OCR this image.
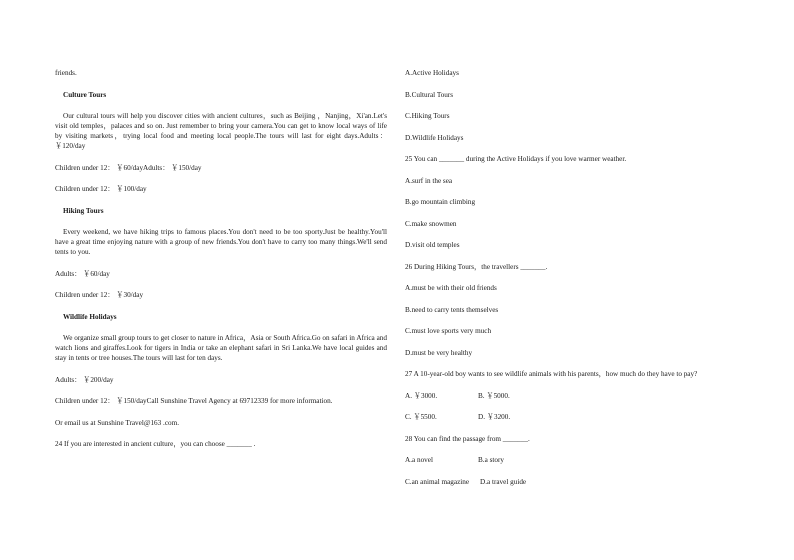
friends.
Culture Tours
Our cultural tours will help you discover cities with ancient cultures，such as Beijing ，Nanjing，Xi'an.Let's visit old temples，palaces and so on. Just remember to bring your camera.You can get to know local ways of life by visiting markets，trying local food and meeting local people.The tours will last for eight days.Adults： ￥120/day
Children under 12： ￥60/dayAdults： ￥150/day
Children under 12： ￥100/day
Hiking Tours
Every weekend, we have hiking trips to famous places.You don't need to be too sporty.Just be healthy.You'll have a great time enjoying nature with a group of new friends.You don't have to carry too many things.We'll send tents to you.
Adults： ￥60/day
Children under 12： ￥30/day
Wildlife Holidays
We organize small group tours to get closer to nature in Africa，Asia or South Africa.Go on safari in Africa and watch lions and giraffes.Look for tigers in India or take an elephant safari in Sri Lanka.We have local guides and stay in tents or tree houses.The tours will last for ten days.
Adults： ￥200/day
Children under 12： ￥150/dayCall Sunshine Travel Agency at 69712339 for more information.
Or email us at Sunshine Travel@163 .com.
24 If you are interested in ancient culture，you can choose _______ .
A.Active Holidays
B.Cultural Tours
C.Hiking Tours
D.Wildlife Holidays
25 You can _______ during the Active Holidays if you love warmer weather.
A.surf in the sea
B.go mountain climbing
C.make snowmen
D.visit old temples
26 During Hiking Tours，the travellers _______.
A.must be with their old friends
B.need to carry tents themselves
C.must love sports very much
D.must be very healthy
27 A 10-year-old boy wants to see wildlife animals with his parents，how much do they have to pay?
A. ￥3000.	B. ￥5000.
C. ￥5500.	D. ￥3200.
28 You can find the passage from _______.
A.a novel	B.a story
C.an animal magazine	D.a travel guide
